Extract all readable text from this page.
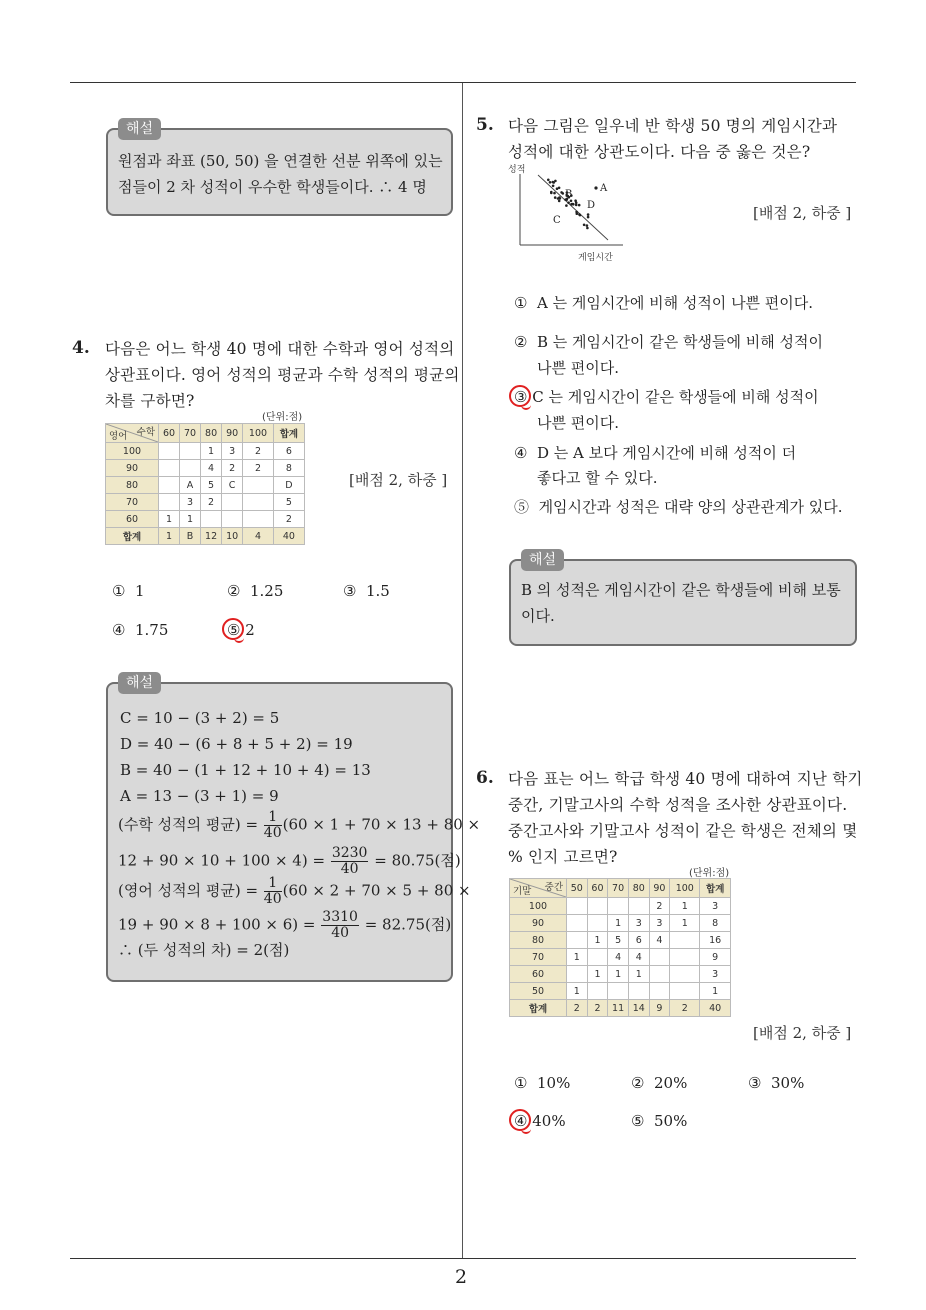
2
해설
원점과 좌표 (50, 50) 을 연결한 선분 위쪽에 있는
점들이 2 차 성적이 우수한 학생들이다. ∴ 4 명
4. 다음은 어느 학생 40 명에 대한 수학과 영어 성적의
상관표이다. 영어 성적의 평균과 수학 성적의 평균의
차를 구하면?
(단위:점)
수학
영어	60	70	80	90	100	합계
100			1	3	2	6
90			4	2	2	8
80		A	5	C		D
70		3	2			5
60	1	1				2
합계	1	B	12	10	4	40
[배점 2, 하중 ]
① 1	② 1.25	③ 1.5
④ 1.75	⑤ 2
해설
C = 10 − (3 + 2) = 5
D = 40 − (6 + 8 + 5 + 2) = 19
B = 40 − (1 + 12 + 10 + 4) = 13
A = 13 − (3 + 1) = 9
(수학 성적의 평균) = $\frac{1}{40} (60 \times 1 + 70 \times 13 + 80$ ×
$12 + 90 \times 10 + 100 \times 4) = \frac{3230}{40} = 80.75$(점)
(영어 성적의 평균) = $\frac{1}{40} (60 \times 2 + 70 \times 5 + 80$ ×
$19 + 90 \times 8 + 100 \times 6) = \frac{3310}{40} = 82.75$(점)
∴ (두 성적의 차) = 2(점)
5. 다음 그림은 일우네 반 학생 50 명의 게임시간과
성적에 대한 상관도이다. 다음 중 옳은 것은?
성적
A
B
C
D
게임시간
[배점 2, 하중 ]
① A 는 게임시간에 비해 성적이 나쁜 편이다.
② B 는 게임시간이 같은 학생들에 비해 성적이
나쁜 편이다.
③ C 는 게임시간이 같은 학생들에 비해 성적이
나쁜 편이다.
④ D 는 A 보다 게임시간에 비해 성적이 더
좋다고 할 수 있다.
⑤ 게임시간과 성적은 대략 양의 상관관계가 있다.
해설
B 의 성적은 게임시간이 같은 학생들에 비해 보통
이다.
6. 다음 표는 어느 학급 학생 40 명에 대하여 지난 학기
중간, 기말고사의 수학 성적을 조사한 상관표이다.
중간고사와 기말고사 성적이 같은 학생은 전체의 몇
% 인지 고르면?
(단위:점)
중간
기말	50	60	70	80	90	100	합계
100					2	1	3
90			1	3	3	1	8
80		1	5	6	4		16
70	1		4	4			9
60		1	1	1			3
50	1						1
합계	2	2	11	14	9	2	40
[배점 2, 하중 ]
① 10%	② 20%	③ 30%
④ 40%	⑤ 50%
